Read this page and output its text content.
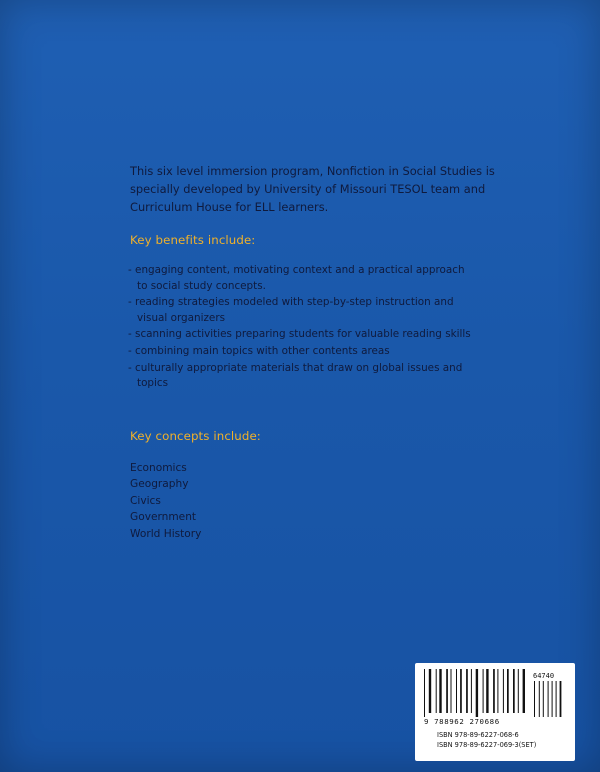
This six level immersion program, Nonfiction in Social Studies is
specially developed by University of Missouri TESOL team and
Curriculum House for ELL learners.
Key benefits include:
- engaging content, motivating context and a practical approach to social study concepts.
- reading strategies modeled with step-by-step instruction and visual organizers
- scanning activities preparing students for valuable reading skills
- combining main topics with other contents areas
- culturally appropriate materials that draw on global issues and topics
Key concepts include:
Economics
Geography
Civics
Government
World History
64740
9 788962 270686
ISBN 978-89-6227-068-6
ISBN 978-89-6227-069-3(SET)
